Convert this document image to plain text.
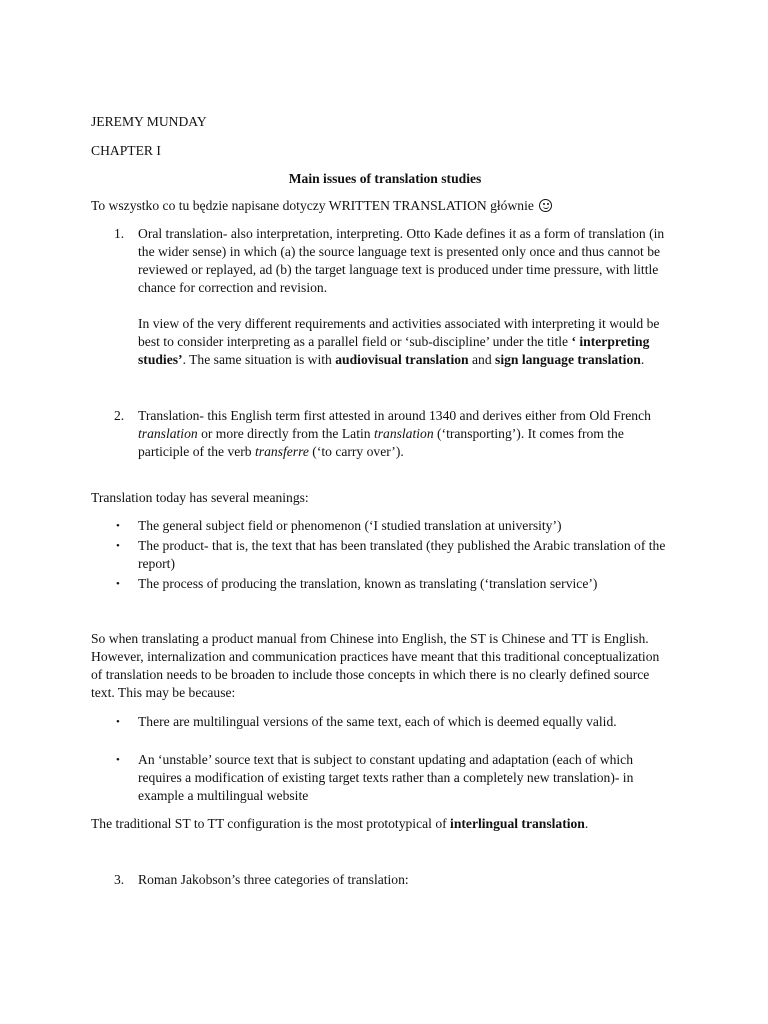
JEREMY MUNDAY

CHAPTER I

Main issues of translation studies

To wszystko co tu będzie napisane dotyczy WRITTEN TRANSLATION głównie

1. Oral translation- also interpretation, interpreting. Otto Kade defines it as a form of translation (in the wider sense) in which (a) the source language text is presented only once and thus cannot be reviewed or replayed, ad (b) the target language text is produced under time pressure, with little chance for correction and revision.

In view of the very different requirements and activities associated with interpreting it would be best to consider interpreting as a parallel field or ‘sub-discipline’ under the title ‘ interpreting studies’. The same situation is with audiovisual translation and sign language translation.

2. Translation- this English term first attested in around 1340 and derives either from Old French translation or more directly from the Latin translation (‘transporting’). It comes from the participle of the verb transferre (‘to carry over’).

Translation today has several meanings:

• The general subject field or phenomenon (‘I studied translation at university’)

• The product- that is, the text that has been translated (they published the Arabic translation of the report)

• The process of producing the translation, known as translating (‘translation service’)

So when translating a product manual from Chinese into English, the ST is Chinese and TT is English. However, internalization and communication practices have meant that this traditional conceptualization of translation needs to be broaden to include those concepts in which there is no clearly defined source text. This may be because:

• There are multilingual versions of the same text, each of which is deemed equally valid.

• An ‘unstable’ source text that is subject to constant updating and adaptation (each of which requires a modification of existing target texts rather than a completely new translation)- in example a multilingual website

The traditional ST to TT configuration is the most prototypical of interlingual translation.

3. Roman Jakobson’s three categories of translation:
